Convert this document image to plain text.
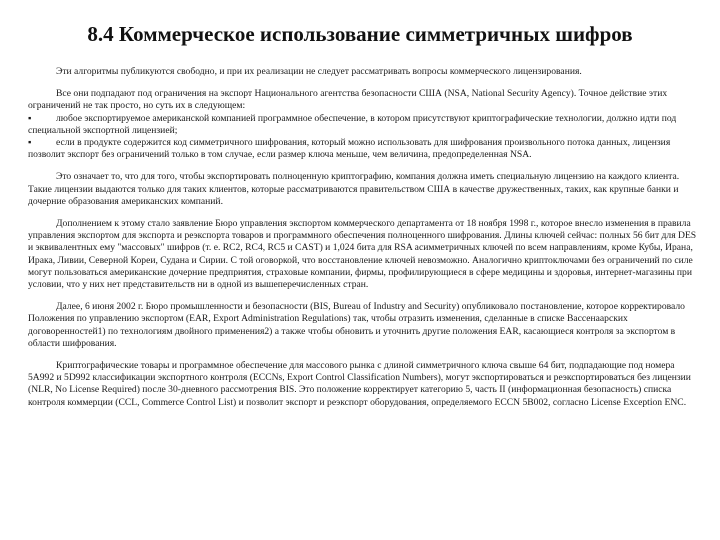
8.4 Коммерческое использование симметричных шифров

Эти алгоритмы публикуются свободно, и при их реализации не следует рассматривать вопросы коммерческого лицензирования.

Все они подпадают под ограничения на экспорт Национального агентства безопасности США (NSA, National Security Agency). Точное действие этих ограничений не так просто, но суть их в следующем:

▪	любое экспортируемое американской компанией программное обеспечение, в котором присутствуют криптографические технологии, должно идти под специальной экспортной лицензией;

▪	если в продукте содержится код симметричного шифрования, который можно использовать для шифрования произвольного потока данных, лицензия позволит экспорт без ограничений только в том случае, если размер ключа меньше, чем величина, предопределенная NSA.

Это означает то, что для того, чтобы экспортировать полноценную криптографию, компания должна иметь специальную лицензию на каждого клиента. Такие лицензии выдаются только для таких клиентов, которые рассматриваются правительством США в качестве дружественных, таких, как крупные банки и дочерние образования американских компаний.

Дополнением к этому стало заявление Бюро управления экспортом коммерческого департамента от 18 ноября 1998 г., которое внесло изменения в правила управления экспортом для экспорта и реэкспорта товаров и программного обеспечения полноценного шифрования. Длины ключей сейчас: полных 56 бит для DES и эквивалентных ему "массовых" шифров (т. е. RC2, RC4, RC5 и CAST) и 1,024 бита для RSA асимметричных ключей по всем направлениям, кроме Кубы, Ирана, Ирака, Ливии, Северной Кореи, Судана и Сирии. С той оговоркой, что восстановление ключей невозможно. Аналогично криптоключами без ограничений по силе могут пользоваться американские дочерние предприятия, страховые компании, фирмы, профилирующиеся в сфере медицины и здоровья, интернет-магазины при условии, что у них нет представительств ни в одной из вышеперечисленных стран.

Далее, 6 июня 2002 г. Бюро промышленности и безопасности (BIS, Bureau of Industry and Security) опубликовало постановление, которое корректировало Положения по управлению экспортом (EAR, Export Administration Regulations) так, чтобы отразить изменения, сделанные в списке Вассенаарских договоренностей1) по технологиям двойного применения2) а также чтобы обновить и уточнить другие положения EAR, касающиеся контроля за экспортом в области шифрования.

Криптографические товары и программное обеспечение для массового рынка с длиной симметричного ключа свыше 64 бит, подпадающие под номера 5A992 и 5D992 классификации экспортного контроля (ECCNs, Export Control Classification Numbers), могут экспортироваться и реэкспортироваться без лицензии (NLR, No License Required) после 30-дневного рассмотрения BIS. Это положение корректирует категорию 5, часть II (информационная безопасность) списка контроля коммерции (CCL, Commerce Control List) и позволит экспорт и реэкспорт оборудования, определяемого ECCN 5B002, согласно License Exception ENC.
